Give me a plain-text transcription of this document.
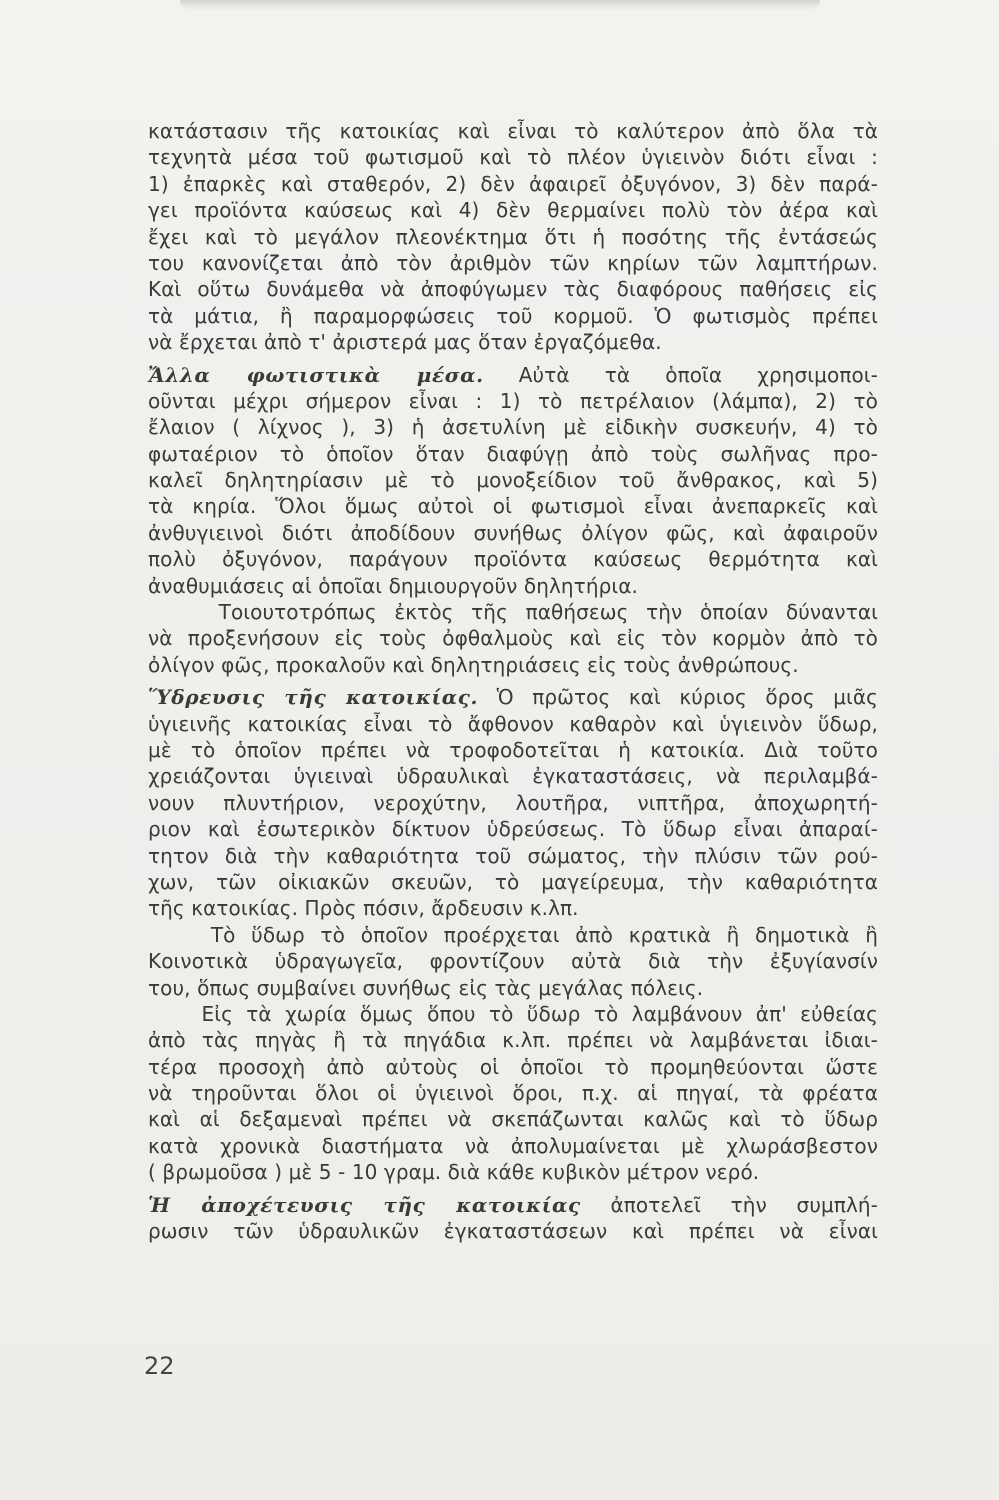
κατάστασιν τῆς κατοικίας καὶ εἶναι τὸ καλύτερον ἀπὸ ὅλα τὰ
τεχνητὰ μέσα τοῦ φωτισμοῦ καὶ τὸ πλέον ὑγιεινὸν διότι εἶναι :
1) ἐπαρκὲς καὶ σταθερόν, 2) δὲν ἀφαιρεῖ ὀξυγόνον, 3) δὲν παρά-
γει προϊόντα καύσεως καὶ 4) δὲν θερμαίνει πολὺ τὸν ἀέρα καὶ
ἔχει καὶ τὸ μεγάλον πλεονέκτημα ὅτι ἡ ποσότης τῆς ἐντάσεώς
του κανονίζεται ἀπὸ τὸν ἀριθμὸν τῶν κηρίων τῶν λαμπτήρων.
Καὶ οὕτω δυνάμεθα νὰ ἀποφύγωμεν τὰς διαφόρους παθήσεις εἰς
τὰ μάτια, ἢ παραμορφώσεις τοῦ κορμοῦ. Ὁ φωτισμὸς πρέπει
νὰ ἔρχεται ἀπὸ τ' ἀριστερά μας ὅταν ἐργαζόμεθα.
Ἄλλα φωτιστικὰ μέσα. Αὐτὰ τὰ ὁποῖα χρησιμοποι-
οῦνται μέχρι σήμερον εἶναι : 1) τὸ πετρέλαιον (λάμπα), 2) τὸ
ἔλαιον ( λίχνος ), 3) ἡ ἀσετυλίνη μὲ εἰδικὴν συσκευήν, 4) τὸ
φωταέριον τὸ ὁποῖον ὅταν διαφύγῃ ἀπὸ τοὺς σωλῆνας προ-
καλεῖ δηλητηρίασιν μὲ τὸ μονοξείδιον τοῦ ἄνθρακος, καὶ 5)
τὰ κηρία. Ὅλοι ὅμως αὐτοὶ οἱ φωτισμοὶ εἶναι ἀνεπαρκεῖς καὶ
ἀνθυγιεινοὶ διότι ἀποδίδουν συνήθως ὀλίγον φῶς, καὶ ἀφαιροῦν
πολὺ ὀξυγόνον, παράγουν προϊόντα καύσεως θερμότητα καὶ
ἀναθυμιάσεις αἱ ὁποῖαι δημιουργοῦν δηλητήρια.
Τοιουτοτρόπως ἐκτὸς τῆς παθήσεως τὴν ὁποίαν δύνανται
νὰ προξενήσουν εἰς τοὺς ὀφθαλμοὺς καὶ εἰς τὸν κορμὸν ἀπὸ τὸ
ὀλίγον φῶς, προκαλοῦν καὶ δηλητηριάσεις εἰς τοὺς ἀνθρώπους.
Ὕδρευσις τῆς κατοικίας. Ὁ πρῶτος καὶ κύριος ὅρος μιᾶς
ὑγιεινῆς κατοικίας εἶναι τὸ ἄφθονον καθαρὸν καὶ ὑγιεινὸν ὕδωρ,
μὲ τὸ ὁποῖον πρέπει νὰ τροφοδοτεῖται ἡ κατοικία. Διὰ τοῦτο
χρειάζονται ὑγιειναὶ ὑδραυλικαὶ ἐγκαταστάσεις, νὰ περιλαμβά-
νουν πλυντήριον, νεροχύτην, λουτῆρα, νιπτῆρα, ἀποχωρητή-
ριον καὶ ἐσωτερικὸν δίκτυον ὑδρεύσεως. Τὸ ὕδωρ εἶναι ἀπαραί-
τητον διὰ τὴν καθαριότητα τοῦ σώματος, τὴν πλύσιν τῶν ρού-
χων, τῶν οἰκιακῶν σκευῶν, τὸ μαγείρευμα, τὴν καθαριότητα
τῆς κατοικίας. Πρὸς πόσιν, ἄρδευσιν κ.λπ.
Τὸ ὕδωρ τὸ ὁποῖον προέρχεται ἀπὸ κρατικὰ ἢ δημοτικὰ ἢ
Κοινοτικὰ ὑδραγωγεῖα, φροντίζουν αὐτὰ διὰ τὴν ἐξυγίανσίν
του, ὅπως συμβαίνει συνήθως εἰς τὰς μεγάλας πόλεις.
Εἰς τὰ χωρία ὅμως ὅπου τὸ ὕδωρ τὸ λαμβάνουν ἀπ' εὐθείας
ἀπὸ τὰς πηγὰς ἢ τὰ πηγάδια κ.λπ. πρέπει νὰ λαμβάνεται ἰδιαι-
τέρα προσοχὴ ἀπὸ αὐτοὺς οἱ ὁποῖοι τὸ προμηθεύονται ὥστε
νὰ τηροῦνται ὅλοι οἱ ὑγιεινοὶ ὅροι, π.χ. αἱ πηγαί, τὰ φρέατα
καὶ αἱ δεξαμεναὶ πρέπει νὰ σκεπάζωνται καλῶς καὶ τὸ ὕδωρ
κατὰ χρονικὰ διαστήματα νὰ ἀπολυμαίνεται μὲ χλωράσβεστον
( βρωμοῦσα ) μὲ 5 - 10 γραμ. διὰ κάθε κυβικὸν μέτρον νερό.
Ἡ ἀποχέτευσις τῆς κατοικίας ἀποτελεῖ τὴν συμπλή-
ρωσιν τῶν ὑδραυλικῶν ἐγκαταστάσεων καὶ πρέπει νὰ εἶναι
22
